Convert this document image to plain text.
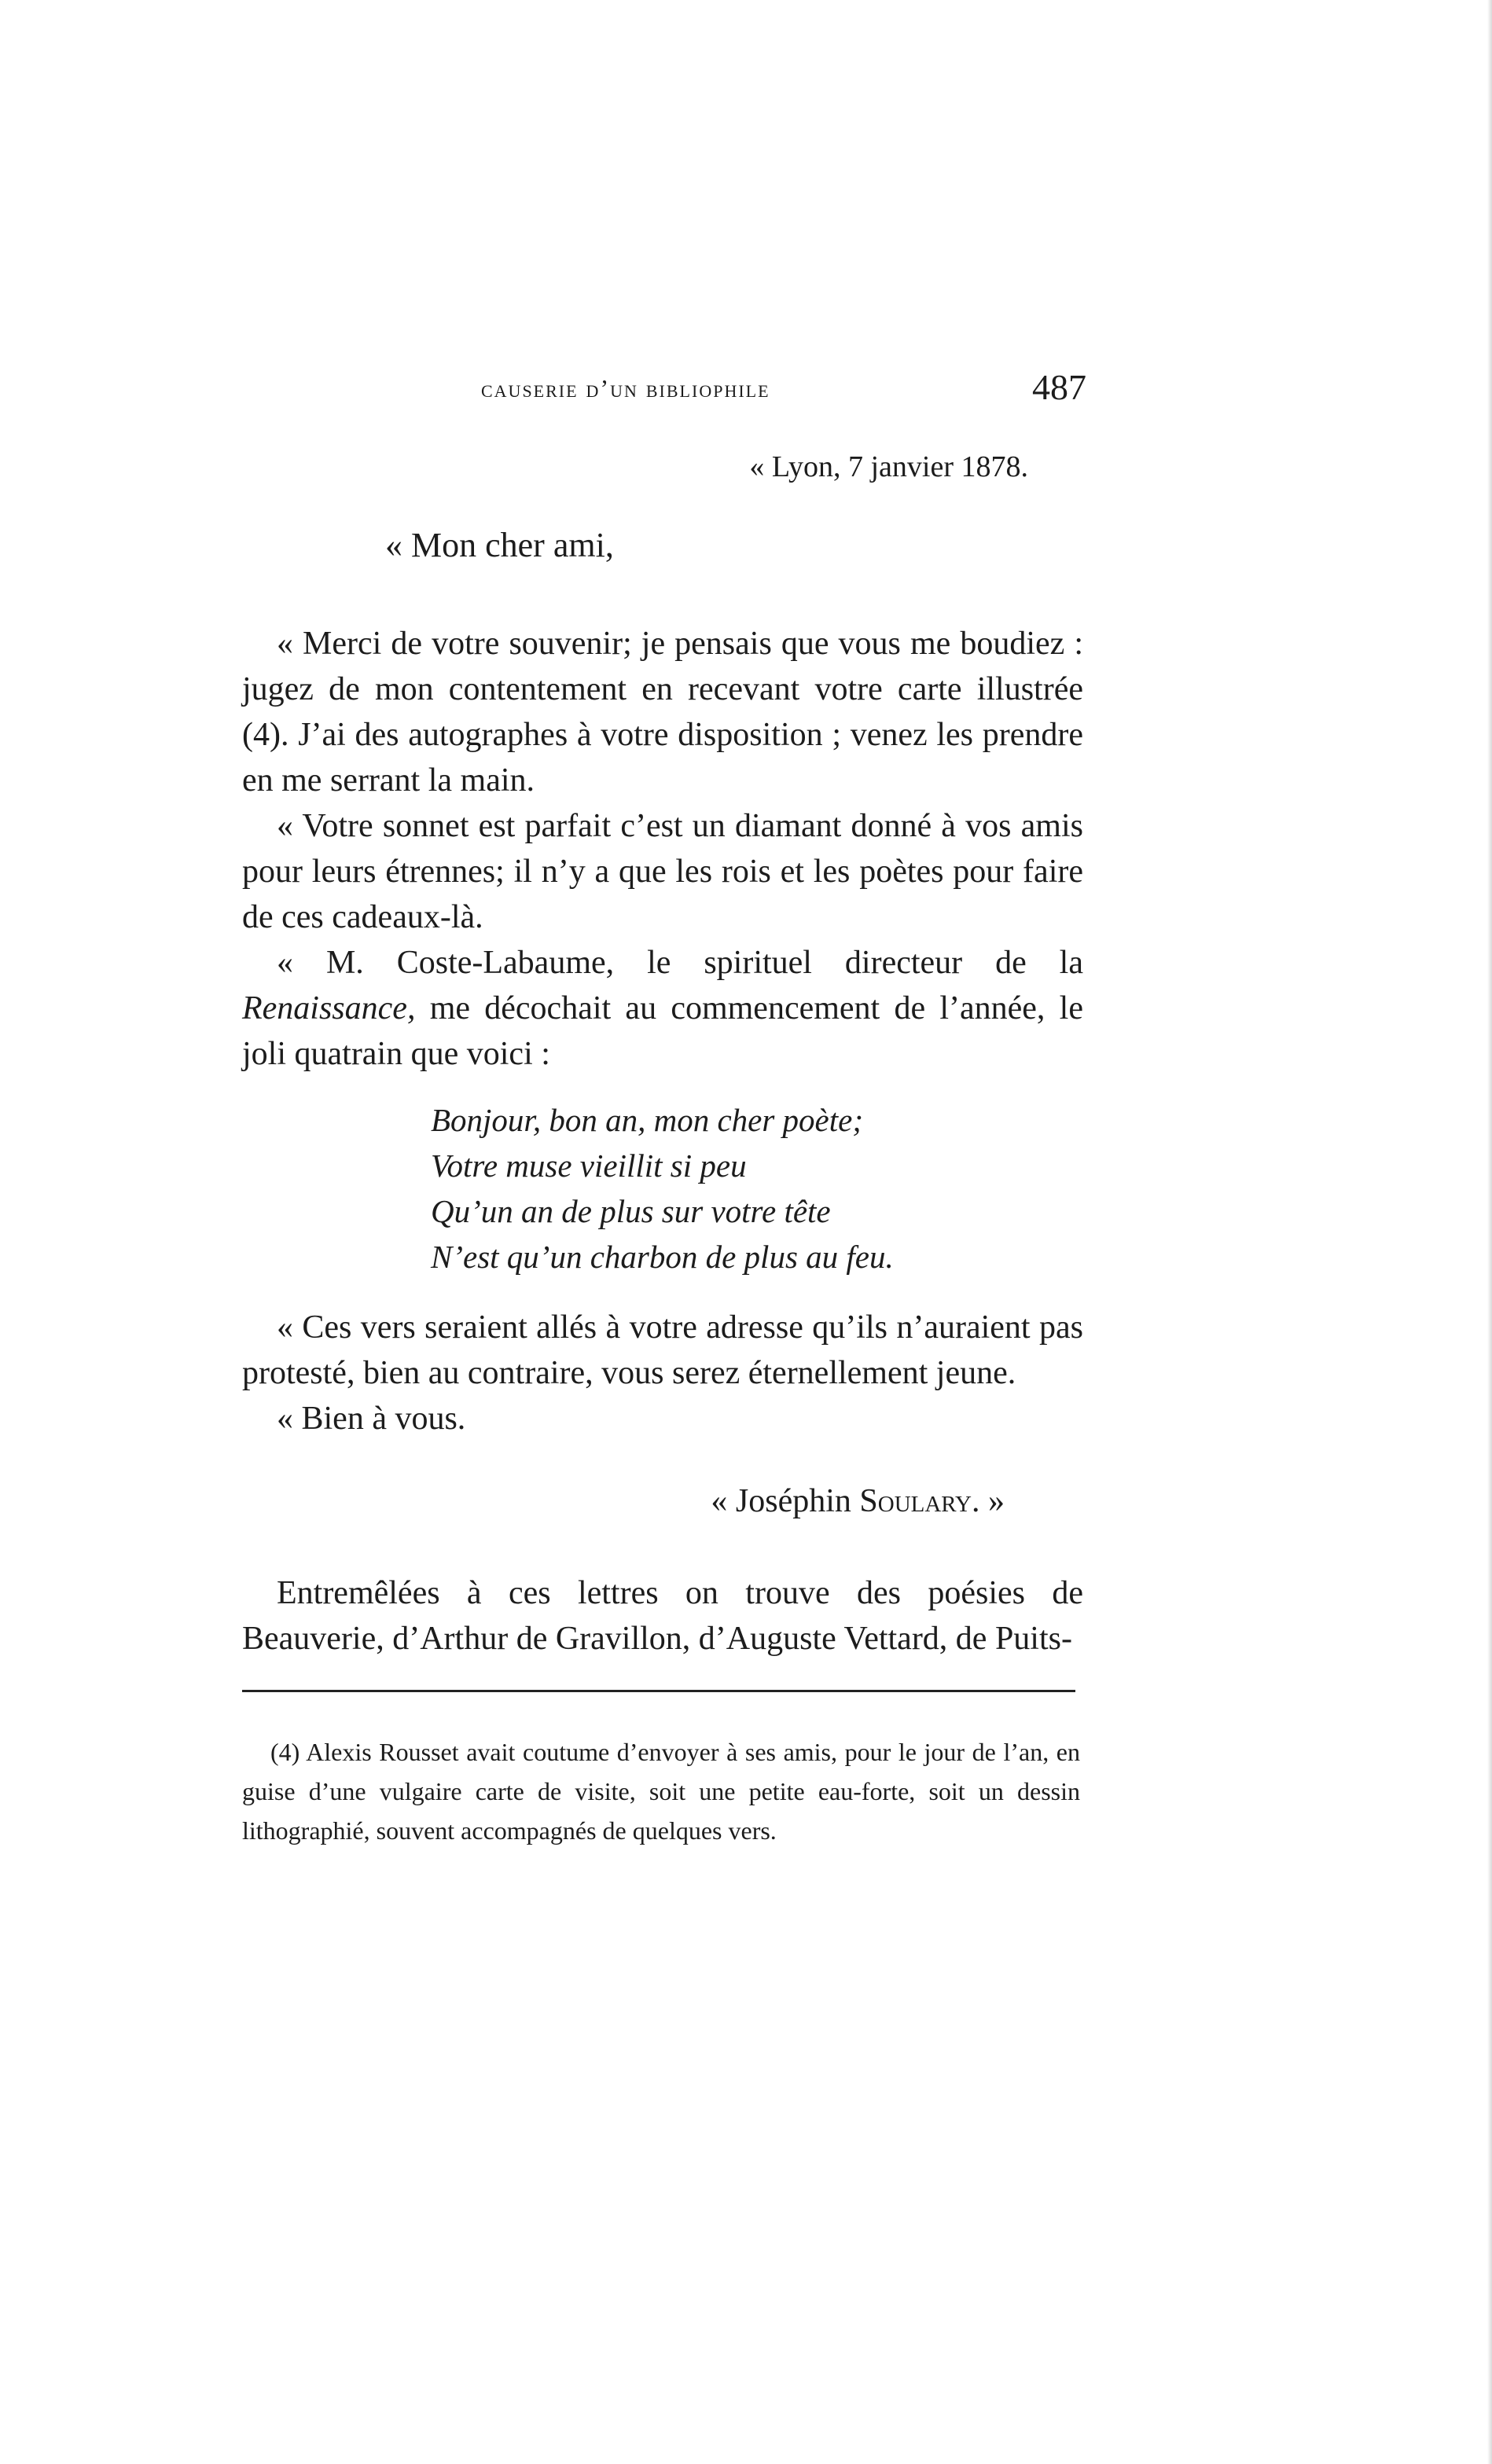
causerie d’un bibliophile	487
« Lyon, 7 janvier 1878.
« Mon cher ami,

« Merci de votre souvenir; je pensais que vous me boudiez : jugez de mon contentement en recevant votre carte illustrée (4). J’ai des autographes à votre disposition ; venez les prendre en me serrant la main.

« Votre sonnet est parfait c’est un diamant donné à vos amis pour leurs étrennes; il n’y a que les rois et les poètes pour faire de ces cadeaux-là.

« M. Coste-Labaume, le spirituel directeur de la Renaissance, me décochait au commencement de l’année, le joli quatrain que voici :

Bonjour, bon an, mon cher poète;
Votre muse vieillit si peu
Qu’un an de plus sur votre tête
N’est qu’un charbon de plus au feu.

« Ces vers seraient allés à votre adresse qu’ils n’auraient pas protesté, bien au contraire, vous serez éternellement jeune.

« Bien à vous.

« Joséphin Soulary. »

Entremêlées à ces lettres on trouve des poésies de Beauverie, d’Arthur de Gravillon, d’Auguste Vettard, de Puits-

(4) Alexis Rousset avait coutume d’envoyer à ses amis, pour le jour de l’an, en guise d’une vulgaire carte de visite, soit une petite eau-forte, soit un dessin lithographié, souvent accompagnés de quelques vers.
